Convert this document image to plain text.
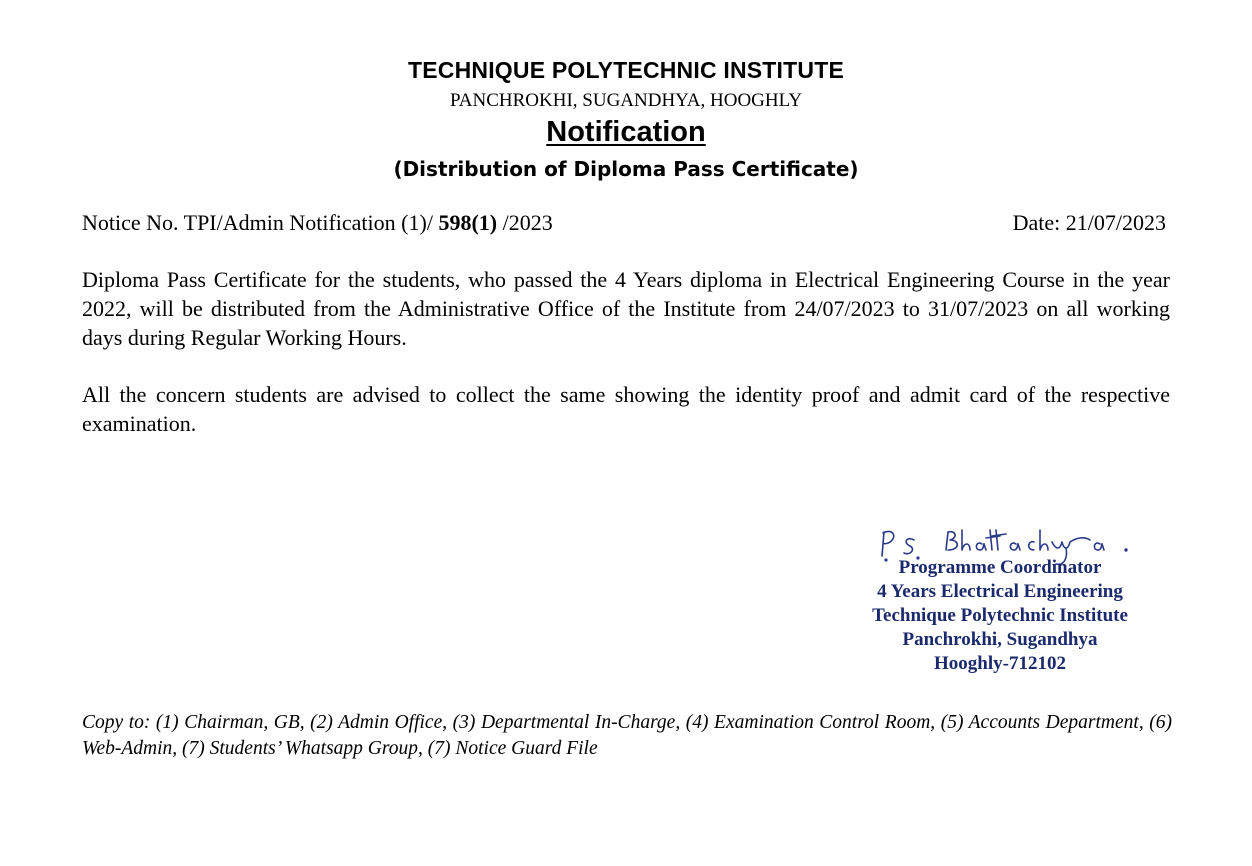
TECHNIQUE POLYTECHNIC INSTITUTE
PANCHROKHI, SUGANDHYA, HOOGHLY
Notification
(Distribution of Diploma Pass Certificate)
Notice No. TPI/Admin Notification (1)/ 598(1) /2023	Date: 21/07/2023

Diploma Pass Certificate for the students, who passed the 4 Years diploma in Electrical Engineering Course in the year 2022, will be distributed from the Administrative Office of the Institute from 24/07/2023 to 31/07/2023 on all working days during Regular Working Hours.

All the concern students are advised to collect the same showing the identity proof and admit card of the respective examination.

Programme Coordinator
4 Years Electrical Engineering
Technique Polytechnic Institute
Panchrokhi, Sugandhya
Hooghly-712102

Copy to: (1) Chairman, GB, (2) Admin Office, (3) Departmental In-Charge, (4) Examination Control Room, (5) Accounts Department, (6) Web-Admin, (7) Students’ Whatsapp Group, (7) Notice Guard File
